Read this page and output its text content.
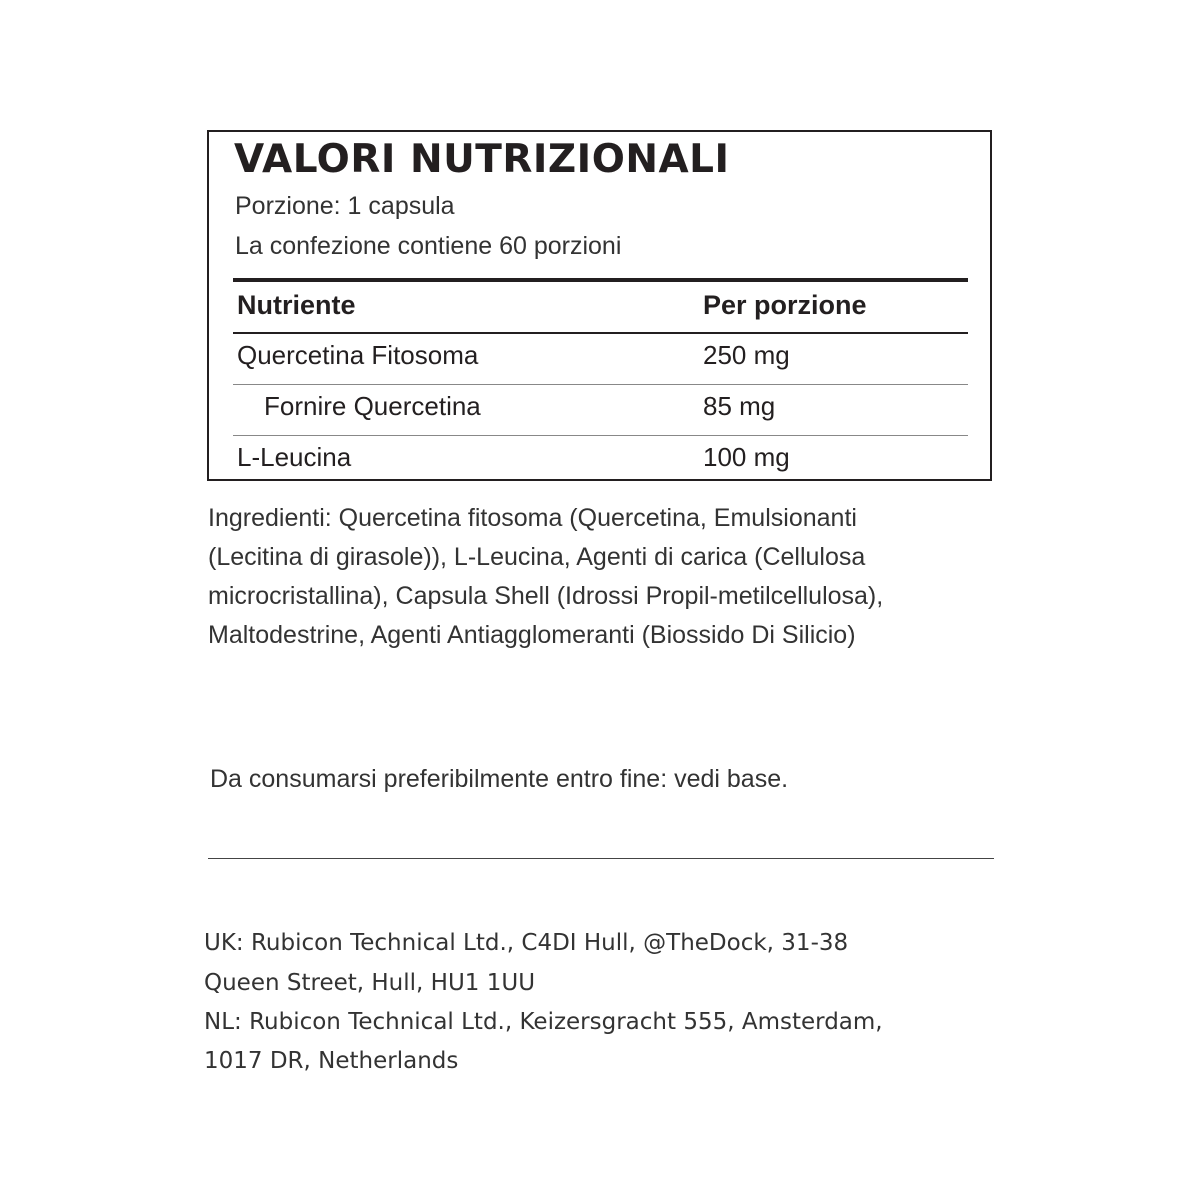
VALORI NUTRIZIONALI
Porzione: 1 capsula
La confezione contiene 60 porzioni
Nutriente	Per porzione
Quercetina Fitosoma	250 mg
Fornire Quercetina	85 mg
L-Leucina	100 mg
Ingredienti: Quercetina fitosoma (Quercetina, Emulsionanti
(Lecitina di girasole)), L-Leucina, Agenti di carica (Cellulosa
microcristallina), Capsula Shell (Idrossi Propil-metilcellulosa),
Maltodestrine, Agenti Antiagglomeranti (Biossido Di Silicio)
Da consumarsi preferibilmente entro fine: vedi base.
UK: Rubicon Technical Ltd., C4DI Hull, @TheDock, 31-38
Queen Street, Hull, HU1 1UU
NL: Rubicon Technical Ltd., Keizersgracht 555, Amsterdam,
1017 DR, Netherlands
